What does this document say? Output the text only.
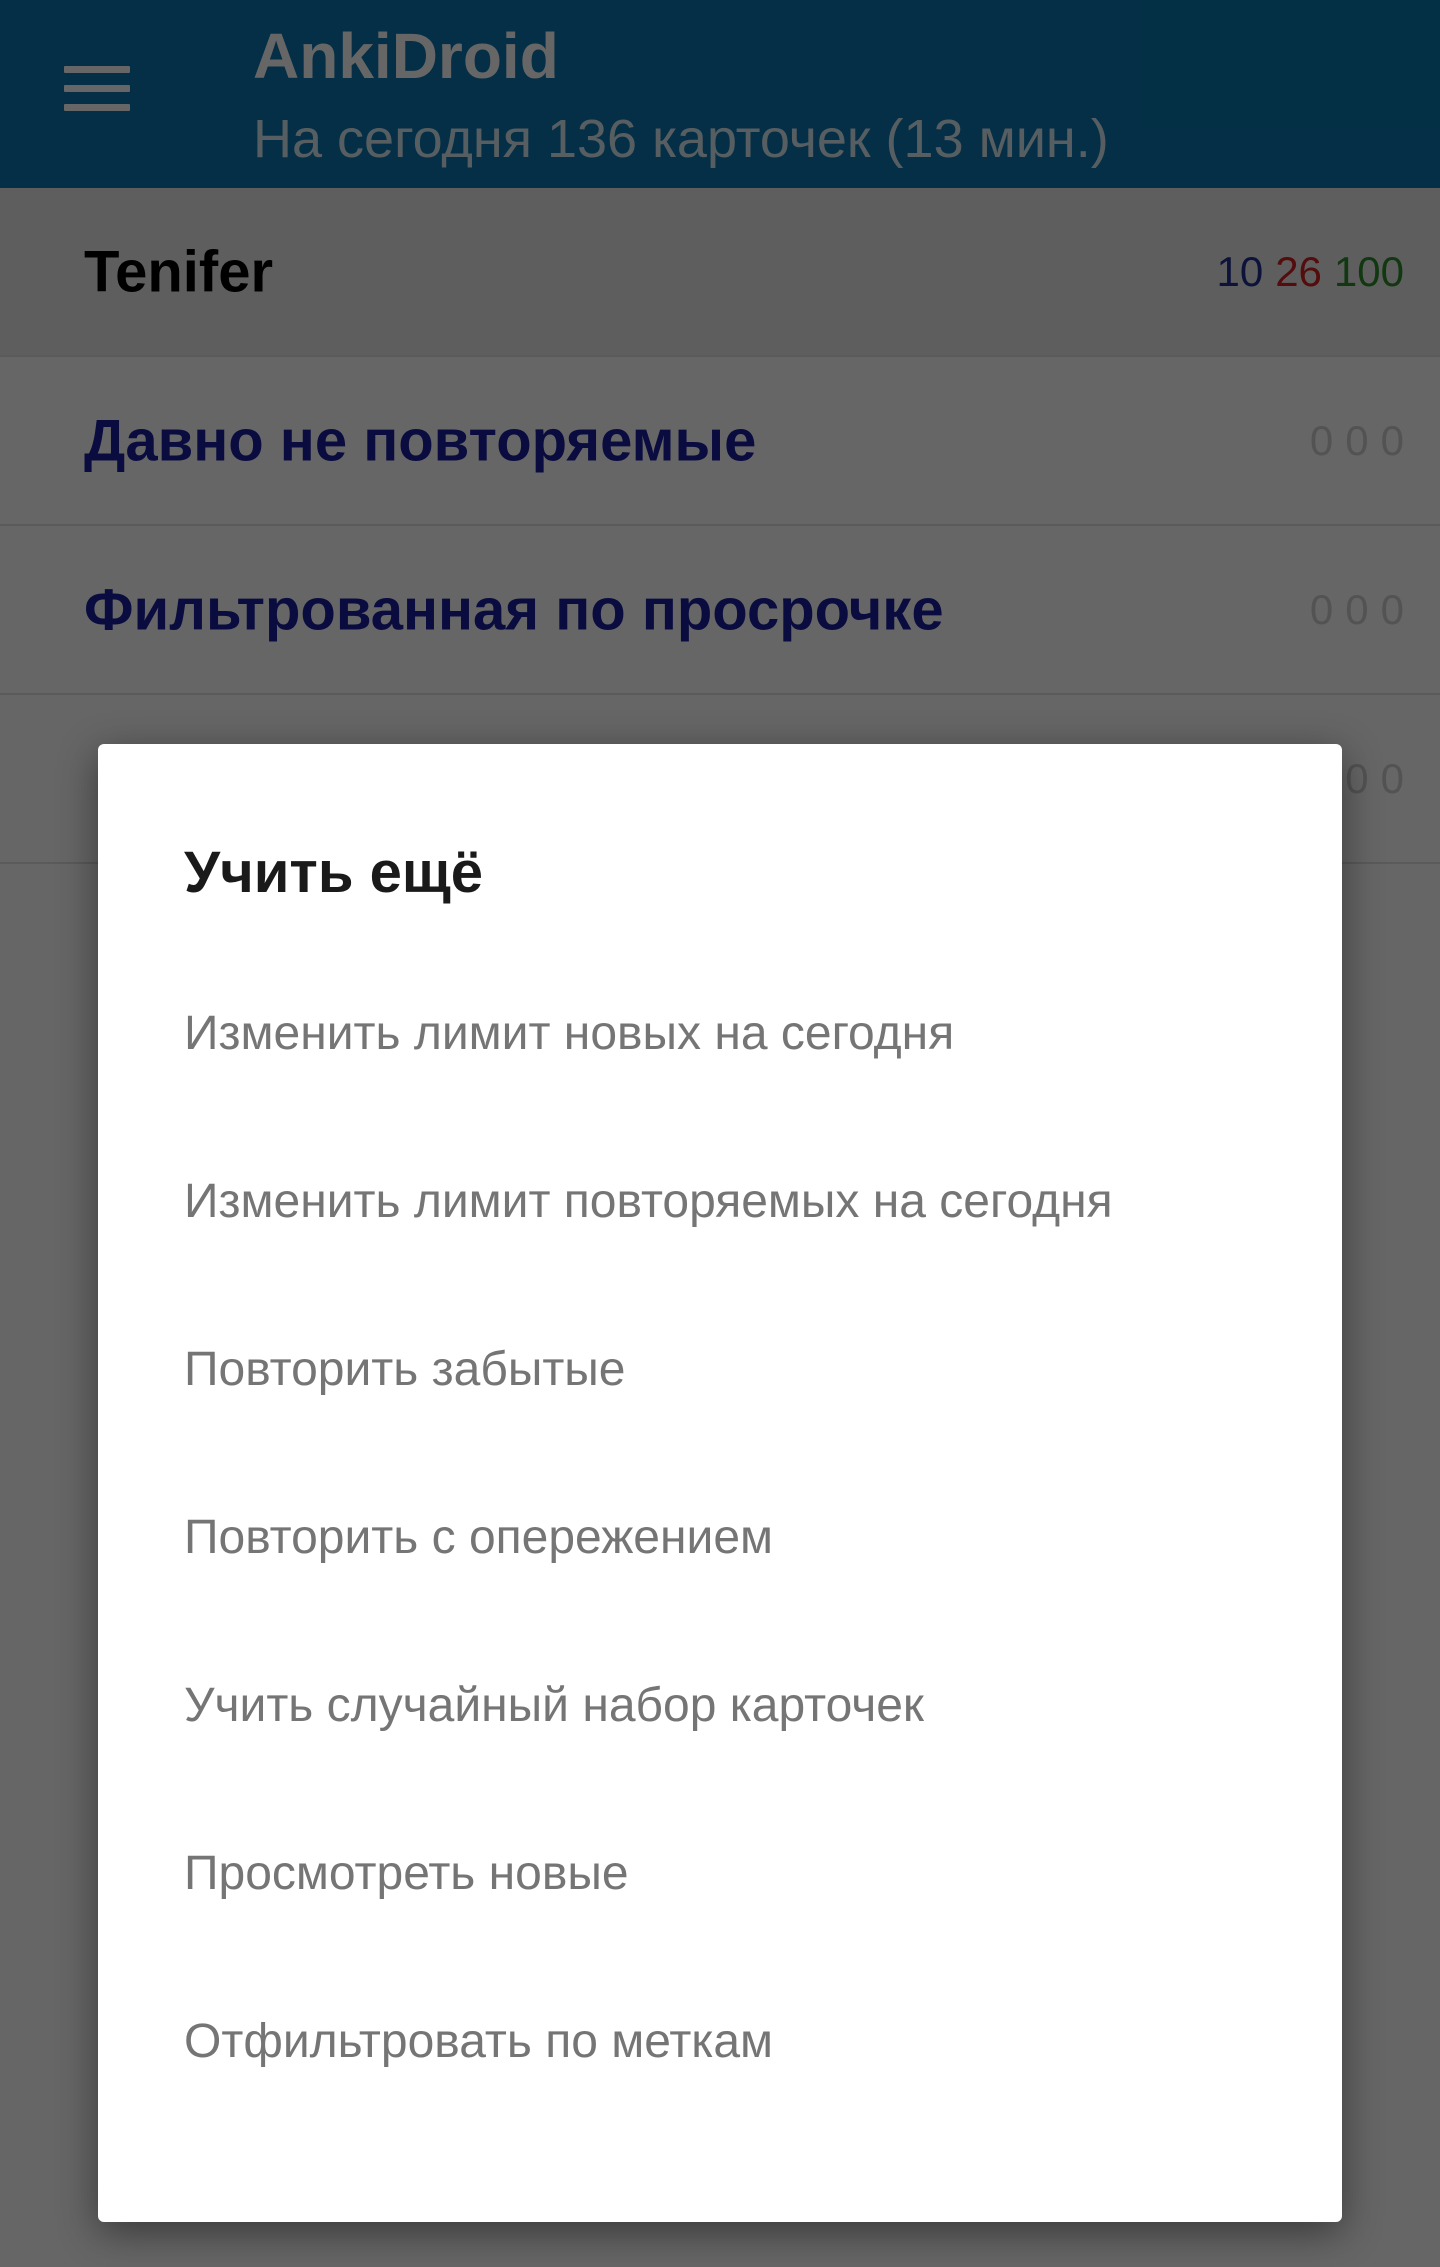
Учить ещё
Изменить лимит новых на сегодня
Изменить лимит повторяемых на сегодня
Повторить забытые
Повторить с опережением
Учить случайный набор карточек
Просмотреть новые
Отфильтровать по меткам
